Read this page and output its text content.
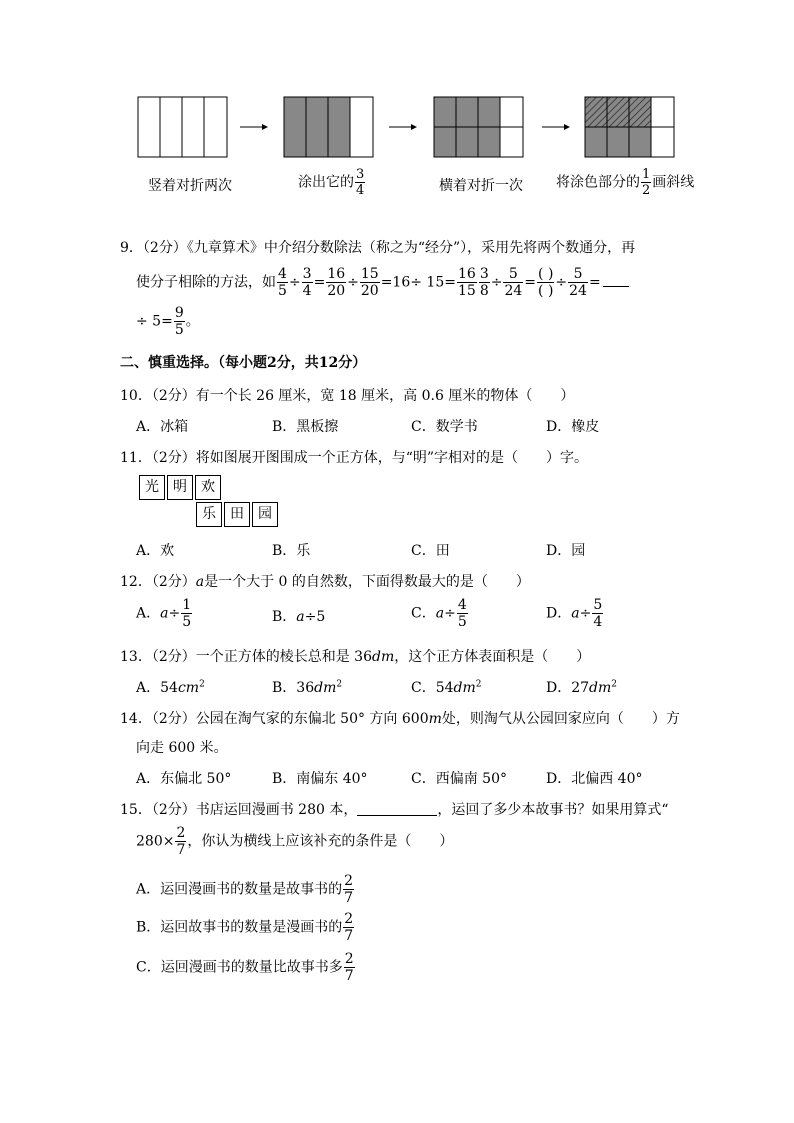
竖着对折两次	涂出它的 $\frac{3}{4}$	横着对折一次 将涂色部分的 $\frac{1}{2}$ 画斜线
9．（2分）《九章算术》中介绍分数除法（称之为“经分”），采用先将两个数通分，再
使分子相除的方法，如 $\frac{4}{5} \div \frac{3}{4} = \frac{16}{20} \div \frac{15}{20} =16\div 15= \frac{16}{15} \frac{3}{8} \div \frac{5}{24} = \frac{( )}{( )} \div \frac{5}{24}$ =
÷ $5= \frac{9}{5}$ 。
二、慎重选择。（每小题2分，共12分）
10．（2分）有一个长 26 厘米，宽 18 厘米，高 0.6 厘米的物体（　　）
A．冰箱	B．黑板擦	C．数学书	D．橡皮
11．（2分）将如图展开图围成一个正方体，与“明”字相对的是（　　）字。
光	明	欢
乐	田	园
A．欢	B．乐	C．田	D．园
12．（2分）a是一个大于 0 的自然数，下面得数最大的是（　　）
A．$a\div \frac{1}{5}$	B．a÷5	C．$a\div \frac{4}{5}$	D．$a\div \frac{5}{4}$
13．（2分）一个正方体的棱长总和是 36dm，这个正方体表面积是（　　）
A．$54cm^2$	B．$36dm^2$	C．$54dm^2$	D．$27dm^2$
14．（2分）公园在淘气家的东偏北 50° 方向 600m处，则淘气从公园回家应向（　　）方
向走 600 米。
A．东偏北 50°	B．南偏东 40°	C．西偏南 50°	D．北偏西 40°
15．（2分）书店运回漫画书 280 本，	，运回了多少本故事书？如果用算式“
$280\times \frac{2}{7}$ ，你认为横线上应该补充的条件是（　　）
A．运回漫画书的数量是故事书的 $\frac{2}{7}$
B．运回故事书的数量是漫画书的 $\frac{2}{7}$
C．运回漫画书的数量比故事书多 $\frac{2}{7}$
